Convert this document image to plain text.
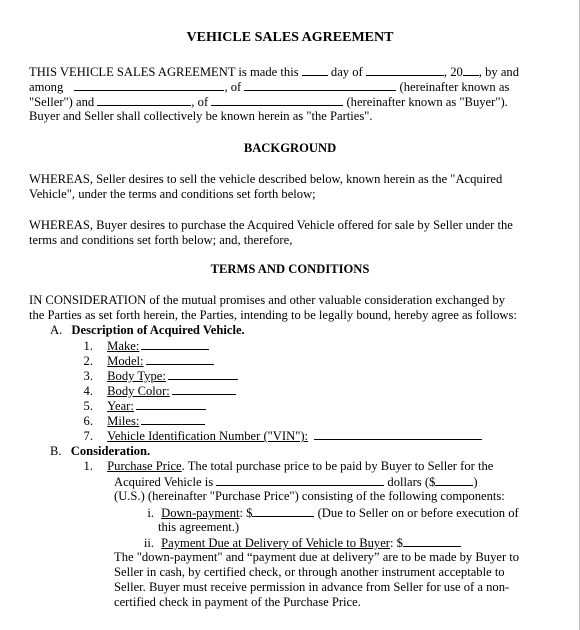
VEHICLE SALES AGREEMENT
THIS VEHICLE SALES AGREEMENT is made this	day of	, 20 , by and
among	, of	(hereinafter known as
"Seller") and	, of	(hereinafter known as "Buyer").
Buyer and Seller shall collectively be known herein as "the Parties".
BACKGROUND
WHEREAS, Seller desires to sell the vehicle described below, known herein as the "Acquired
Vehicle", under the terms and conditions set forth below;
WHEREAS, Buyer desires to purchase the Acquired Vehicle offered for sale by Seller under the
terms and conditions set forth below; and, therefore,
TERMS AND CONDITIONS
IN CONSIDERATION of the mutual promises and other valuable consideration exchanged by
the Parties as set forth herein, the Parties, intending to be legally bound, hereby agree as follows:
A. Description of Acquired Vehicle.
1. Make:
2. Model:
3. Body Type:
4. Body Color:
5. Year:
6. Miles:
7. Vehicle Identification Number ("VIN"):
B. Consideration.
1. Purchase Price. The total purchase price to be paid by Buyer to Seller for the
Acquired Vehicle is	dollars ($	)
(U.S.) (hereinafter "Purchase Price") consisting of the following components:
i. Down-payment: $	(Due to Seller on or before execution of
this agreement.)
ii. Payment Due at Delivery of Vehicle to Buyer: $
The "down-payment" and “payment due at delivery” are to be made by Buyer to
Seller in cash, by certified check, or through another instrument acceptable to
Seller. Buyer must receive permission in advance from Seller for use of a non-
certified check in payment of the Purchase Price.
